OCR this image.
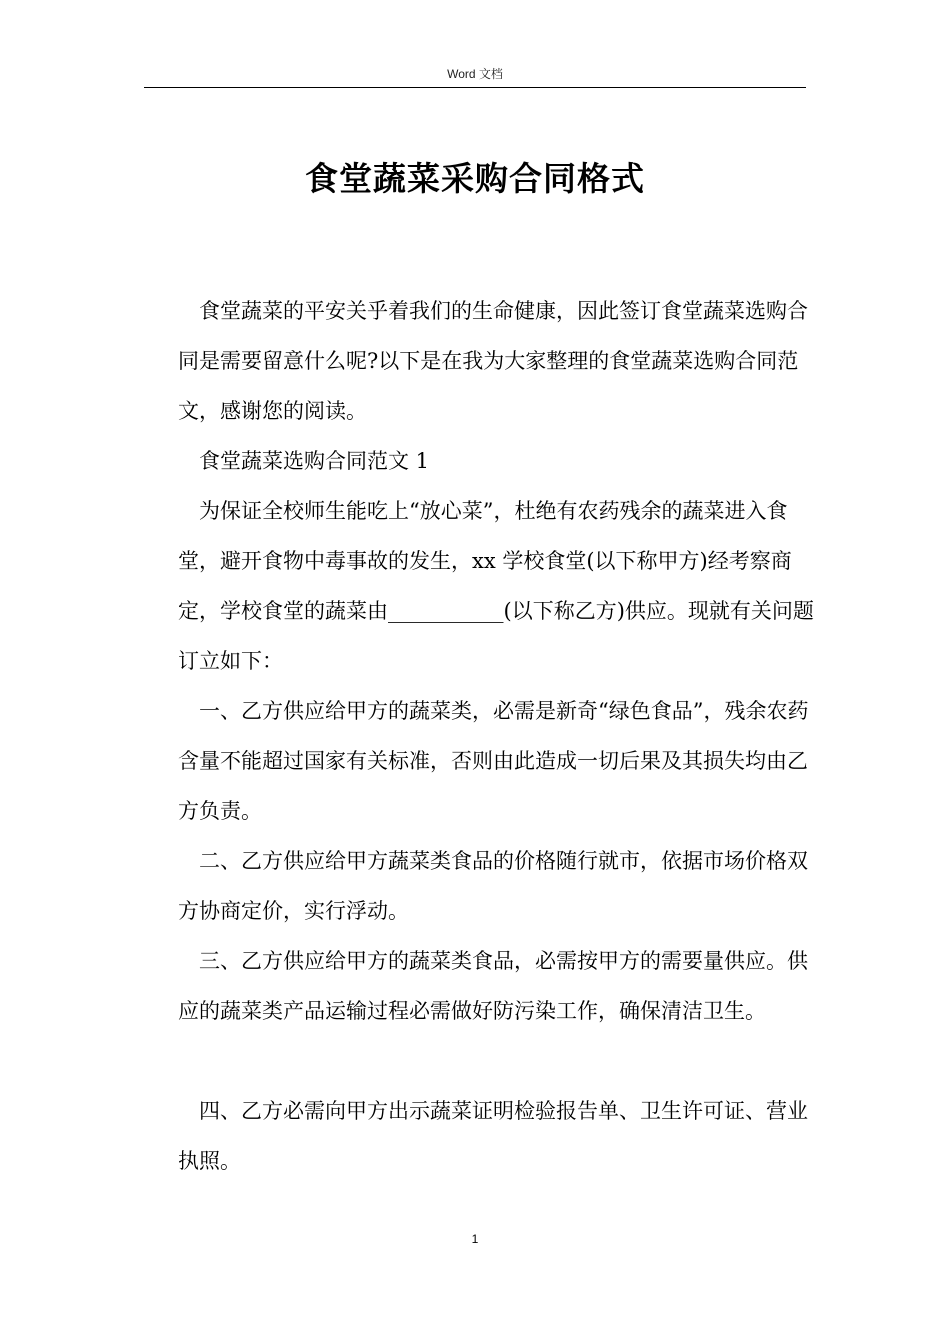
Word 文档
食堂蔬菜采购合同格式

食堂蔬菜的平安关乎着我们的生命健康，因此签订食堂蔬菜选购合同是需要留意什么呢?以下是在我为大家整理的食堂蔬菜选购合同范文，感谢您的阅读。

食堂蔬菜选购合同范文 1

为保证全校师生能吃上“放心菜”，杜绝有农药残余的蔬菜进入食堂，避开食物中毒事故的发生，xx 学校食堂(以下称甲方)经考察商定，学校食堂的蔬菜由___________(以下称乙方)供应。现就有关问题订立如下：

一、乙方供应给甲方的蔬菜类，必需是新奇“绿色食品”，残余农药含量不能超过国家有关标准，否则由此造成一切后果及其损失均由乙方负责。

二、乙方供应给甲方蔬菜类食品的价格随行就市，依据市场价格双方协商定价，实行浮动。

三、乙方供应给甲方的蔬菜类食品，必需按甲方的需要量供应。供应的蔬菜类产品运输过程必需做好防污染工作，确保清洁卫生。

四、乙方必需向甲方出示蔬菜证明检验报告单、卫生许可证、营业执照。

1
